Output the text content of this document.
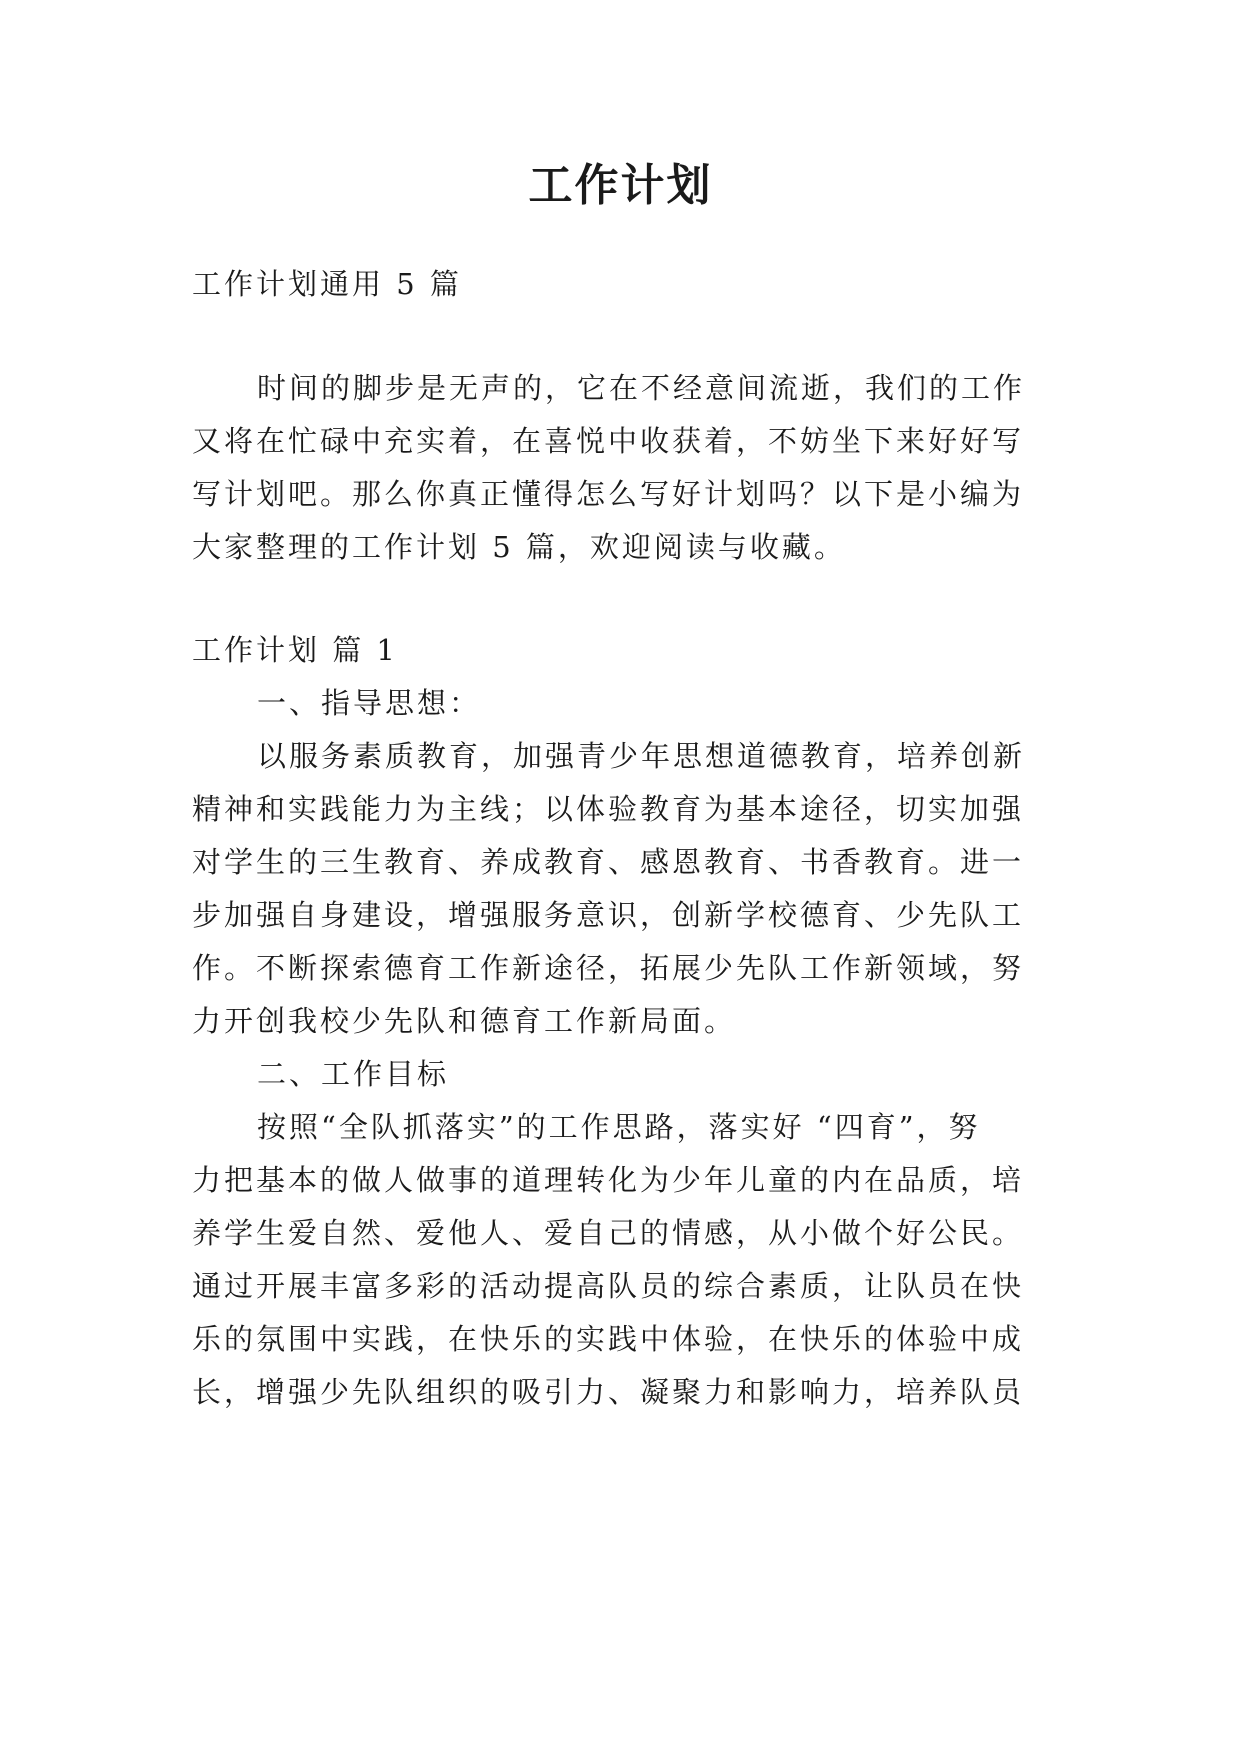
工作计划
工作计划通用 5 篇
时间的脚步是无声的，它在不经意间流逝，我们的工作
又将在忙碌中充实着，在喜悦中收获着，不妨坐下来好好写
写计划吧。那么你真正懂得怎么写好计划吗？以下是小编为
大家整理的工作计划 5 篇，欢迎阅读与收藏。
工作计划 篇 1
一、指导思想：
以服务素质教育，加强青少年思想道德教育，培养创新
精神和实践能力为主线；以体验教育为基本途径，切实加强
对学生的三生教育、养成教育、感恩教育、书香教育。进一
步加强自身建设，增强服务意识，创新学校德育、少先队工
作。不断探索德育工作新途径，拓展少先队工作新领域，努
力开创我校少先队和德育工作新局面。
二、工作目标
按照“全队抓落实”的工作思路，落实好 “四育”，努
力把基本的做人做事的道理转化为少年儿童的内在品质，培
养学生爱自然、爱他人、爱自己的情感，从小做个好公民。
通过开展丰富多彩的活动提高队员的综合素质，让队员在快
乐的氛围中实践，在快乐的实践中体验，在快乐的体验中成
长，增强少先队组织的吸引力、凝聚力和影响力，培养队员
